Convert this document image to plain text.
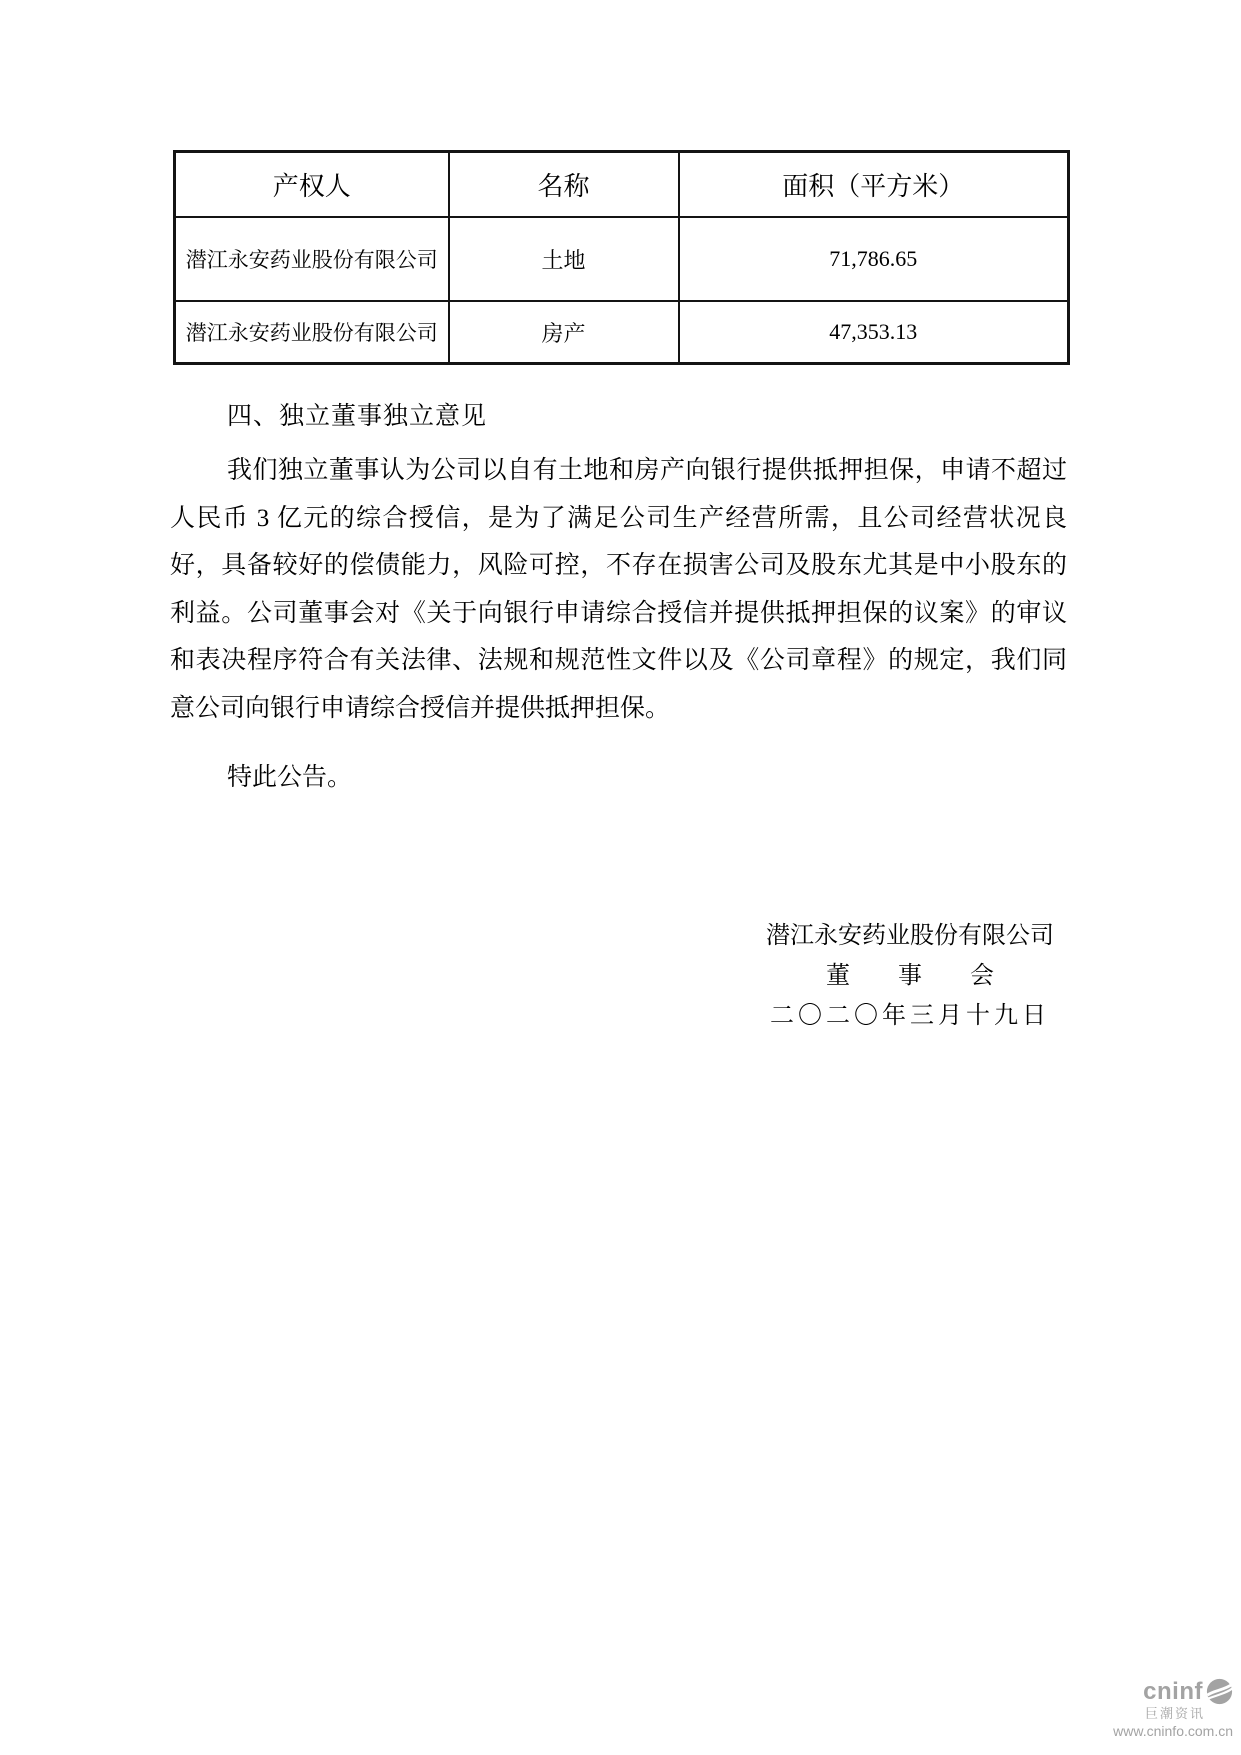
产权人	名称	面积（平方米）
潜江永安药业股份有限公司	土地	71,786.65
潜江永安药业股份有限公司	房产	47,353.13
四、独立董事独立意见
我们独立董事认为公司以自有土地和房产向银行提供抵押担保，申请不超过人民币 3 亿元的综合授信，是为了满足公司生产经营所需，且公司经营状况良好，具备较好的偿债能力，风险可控，不存在损害公司及股东尤其是中小股东的利益。公司董事会对《关于向银行申请综合授信并提供抵押担保的议案》的审议和表决程序符合有关法律、法规和规范性文件以及《公司章程》的规定，我们同意公司向银行申请综合授信并提供抵押担保。
特此公告。
潜江永安药业股份有限公司
董　　事　　会
二〇二〇年三月十九日
cninf
巨潮资讯
www.cninfo.com.cn
